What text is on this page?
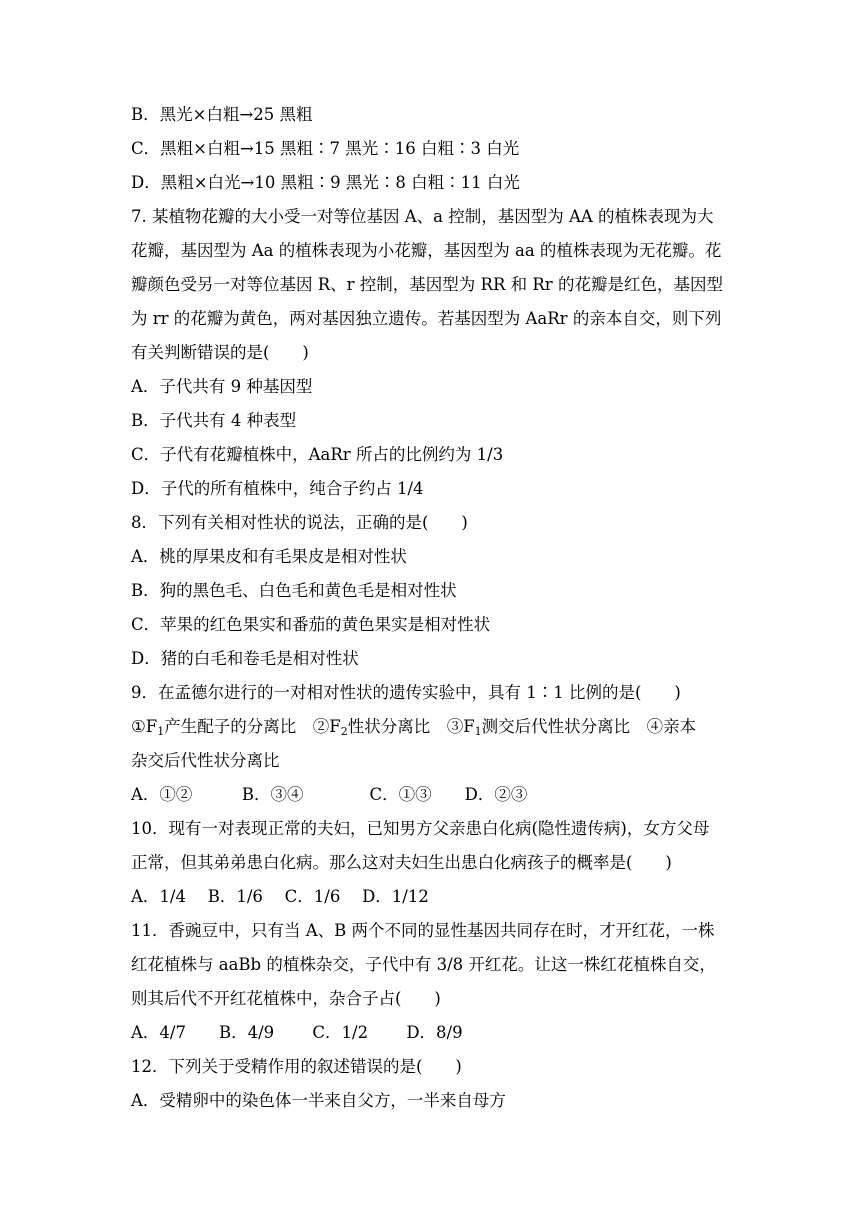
B．黑光×白粗→25 黑粗
C．黑粗×白粗→15 黑粗∶7 黑光∶16 白粗∶3 白光
D．黑粗×白光→10 黑粗∶9 黑光∶8 白粗∶11 白光
7. 某植物花瓣的大小受一对等位基因 A、a 控制，基因型为 AA 的植株表现为大
花瓣，基因型为 Aa 的植株表现为小花瓣，基因型为 aa 的植株表现为无花瓣。花
瓣颜色受另一对等位基因 R、r 控制，基因型为 RR 和 Rr 的花瓣是红色，基因型
为 rr 的花瓣为黄色，两对基因独立遗传。若基因型为 AaRr 的亲本自交，则下列
有关判断错误的是(　　)
A．子代共有 9 种基因型
B．子代共有 4 种表型
C．子代有花瓣植株中，AaRr 所占的比例约为 1/3
D．子代的所有植株中，纯合子约占 1/4
8．下列有关相对性状的说法，正确的是(　　)
A．桃的厚果皮和有毛果皮是相对性状
B．狗的黑色毛、白色毛和黄色毛是相对性状
C．苹果的红色果实和番茄的黄色果实是相对性状
D．猪的白毛和卷毛是相对性状
9．在孟德尔进行的一对相对性状的遗传实验中，具有 1∶1 比例的是(　　)
$①F_1$产生配子的分离比　$②F_2$性状分离比　$③F_1$测交后代性状分离比　④亲本
杂交后代性状分离比
A．①②　　　B．③④　　　　C．①③　　D．②③
10．现有一对表现正常的夫妇，已知男方父亲患白化病(隐性遗传病)，女方父母
正常，但其弟弟患白化病。那么这对夫妇生出患白化病孩子的概率是(　　)
A．1/4　 B．1/6　 C．1/6　 D．1/12
11．香豌豆中，只有当 A、B 两个不同的显性基因共同存在时，才开红花，一株
红花植株与 aaBb 的植株杂交，子代中有 3/8 开红花。让这一株红花植株自交，
则其后代不开红花植株中，杂合子占(　　)
A．4/7　　B．4/9　　 C．1/2　　 D．8/9
12．下列关于受精作用的叙述错误的是(　　)
A．受精卵中的染色体一半来自父方，一半来自母方
